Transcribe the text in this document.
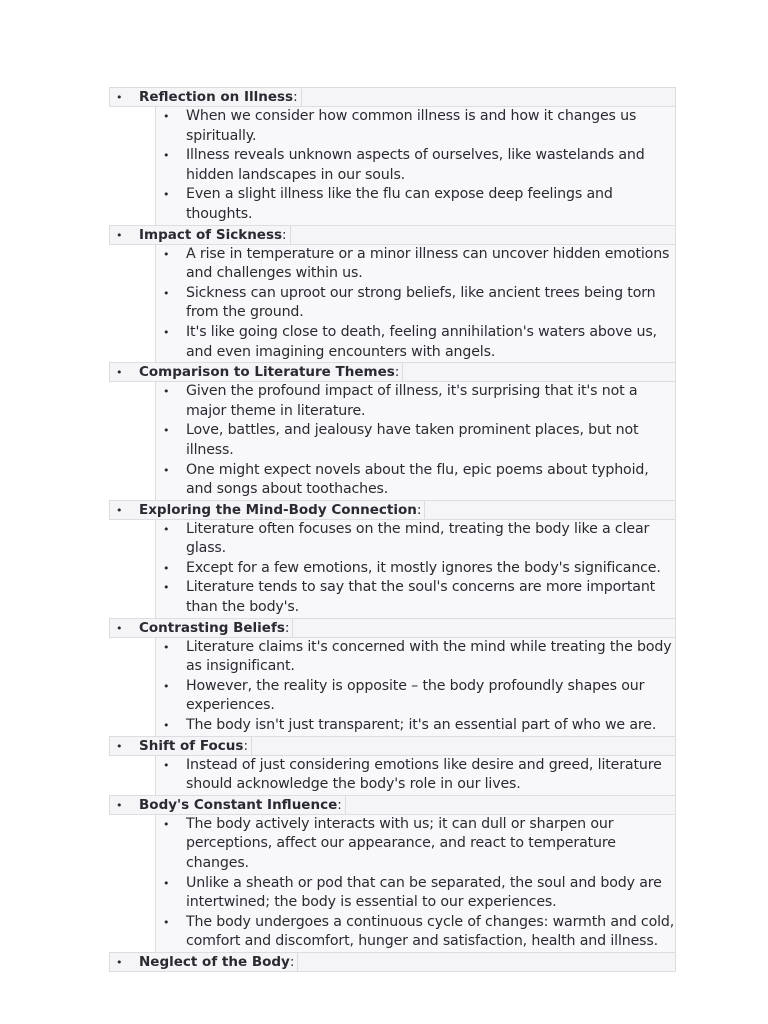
• Reflection on Illness:
• When we consider how common illness is and how it changes us spiritually.
• Illness reveals unknown aspects of ourselves, like wastelands and hidden landscapes in our souls.
• Even a slight illness like the flu can expose deep feelings and thoughts.
• Impact of Sickness:
• A rise in temperature or a minor illness can uncover hidden emotions and challenges within us.
• Sickness can uproot our strong beliefs, like ancient trees being torn from the ground.
• It's like going close to death, feeling annihilation's waters above us, and even imagining encounters with angels.
• Comparison to Literature Themes:
• Given the profound impact of illness, it's surprising that it's not a major theme in literature.
• Love, battles, and jealousy have taken prominent places, but not illness.
• One might expect novels about the flu, epic poems about typhoid, and songs about toothaches.
• Exploring the Mind-Body Connection:
• Literature often focuses on the mind, treating the body like a clear glass.
• Except for a few emotions, it mostly ignores the body's significance.
• Literature tends to say that the soul's concerns are more important than the body's.
• Contrasting Beliefs:
• Literature claims it's concerned with the mind while treating the body as insignificant.
• However, the reality is opposite – the body profoundly shapes our experiences.
• The body isn't just transparent; it's an essential part of who we are.
• Shift of Focus:
• Instead of just considering emotions like desire and greed, literature should acknowledge the body's role in our lives.
• Body's Constant Influence:
• The body actively interacts with us; it can dull or sharpen our perceptions, affect our appearance, and react to temperature changes.
• Unlike a sheath or pod that can be separated, the soul and body are intertwined; the body is essential to our experiences.
• The body undergoes a continuous cycle of changes: warmth and cold, comfort and discomfort, hunger and satisfaction, health and illness.
• Neglect of the Body:
